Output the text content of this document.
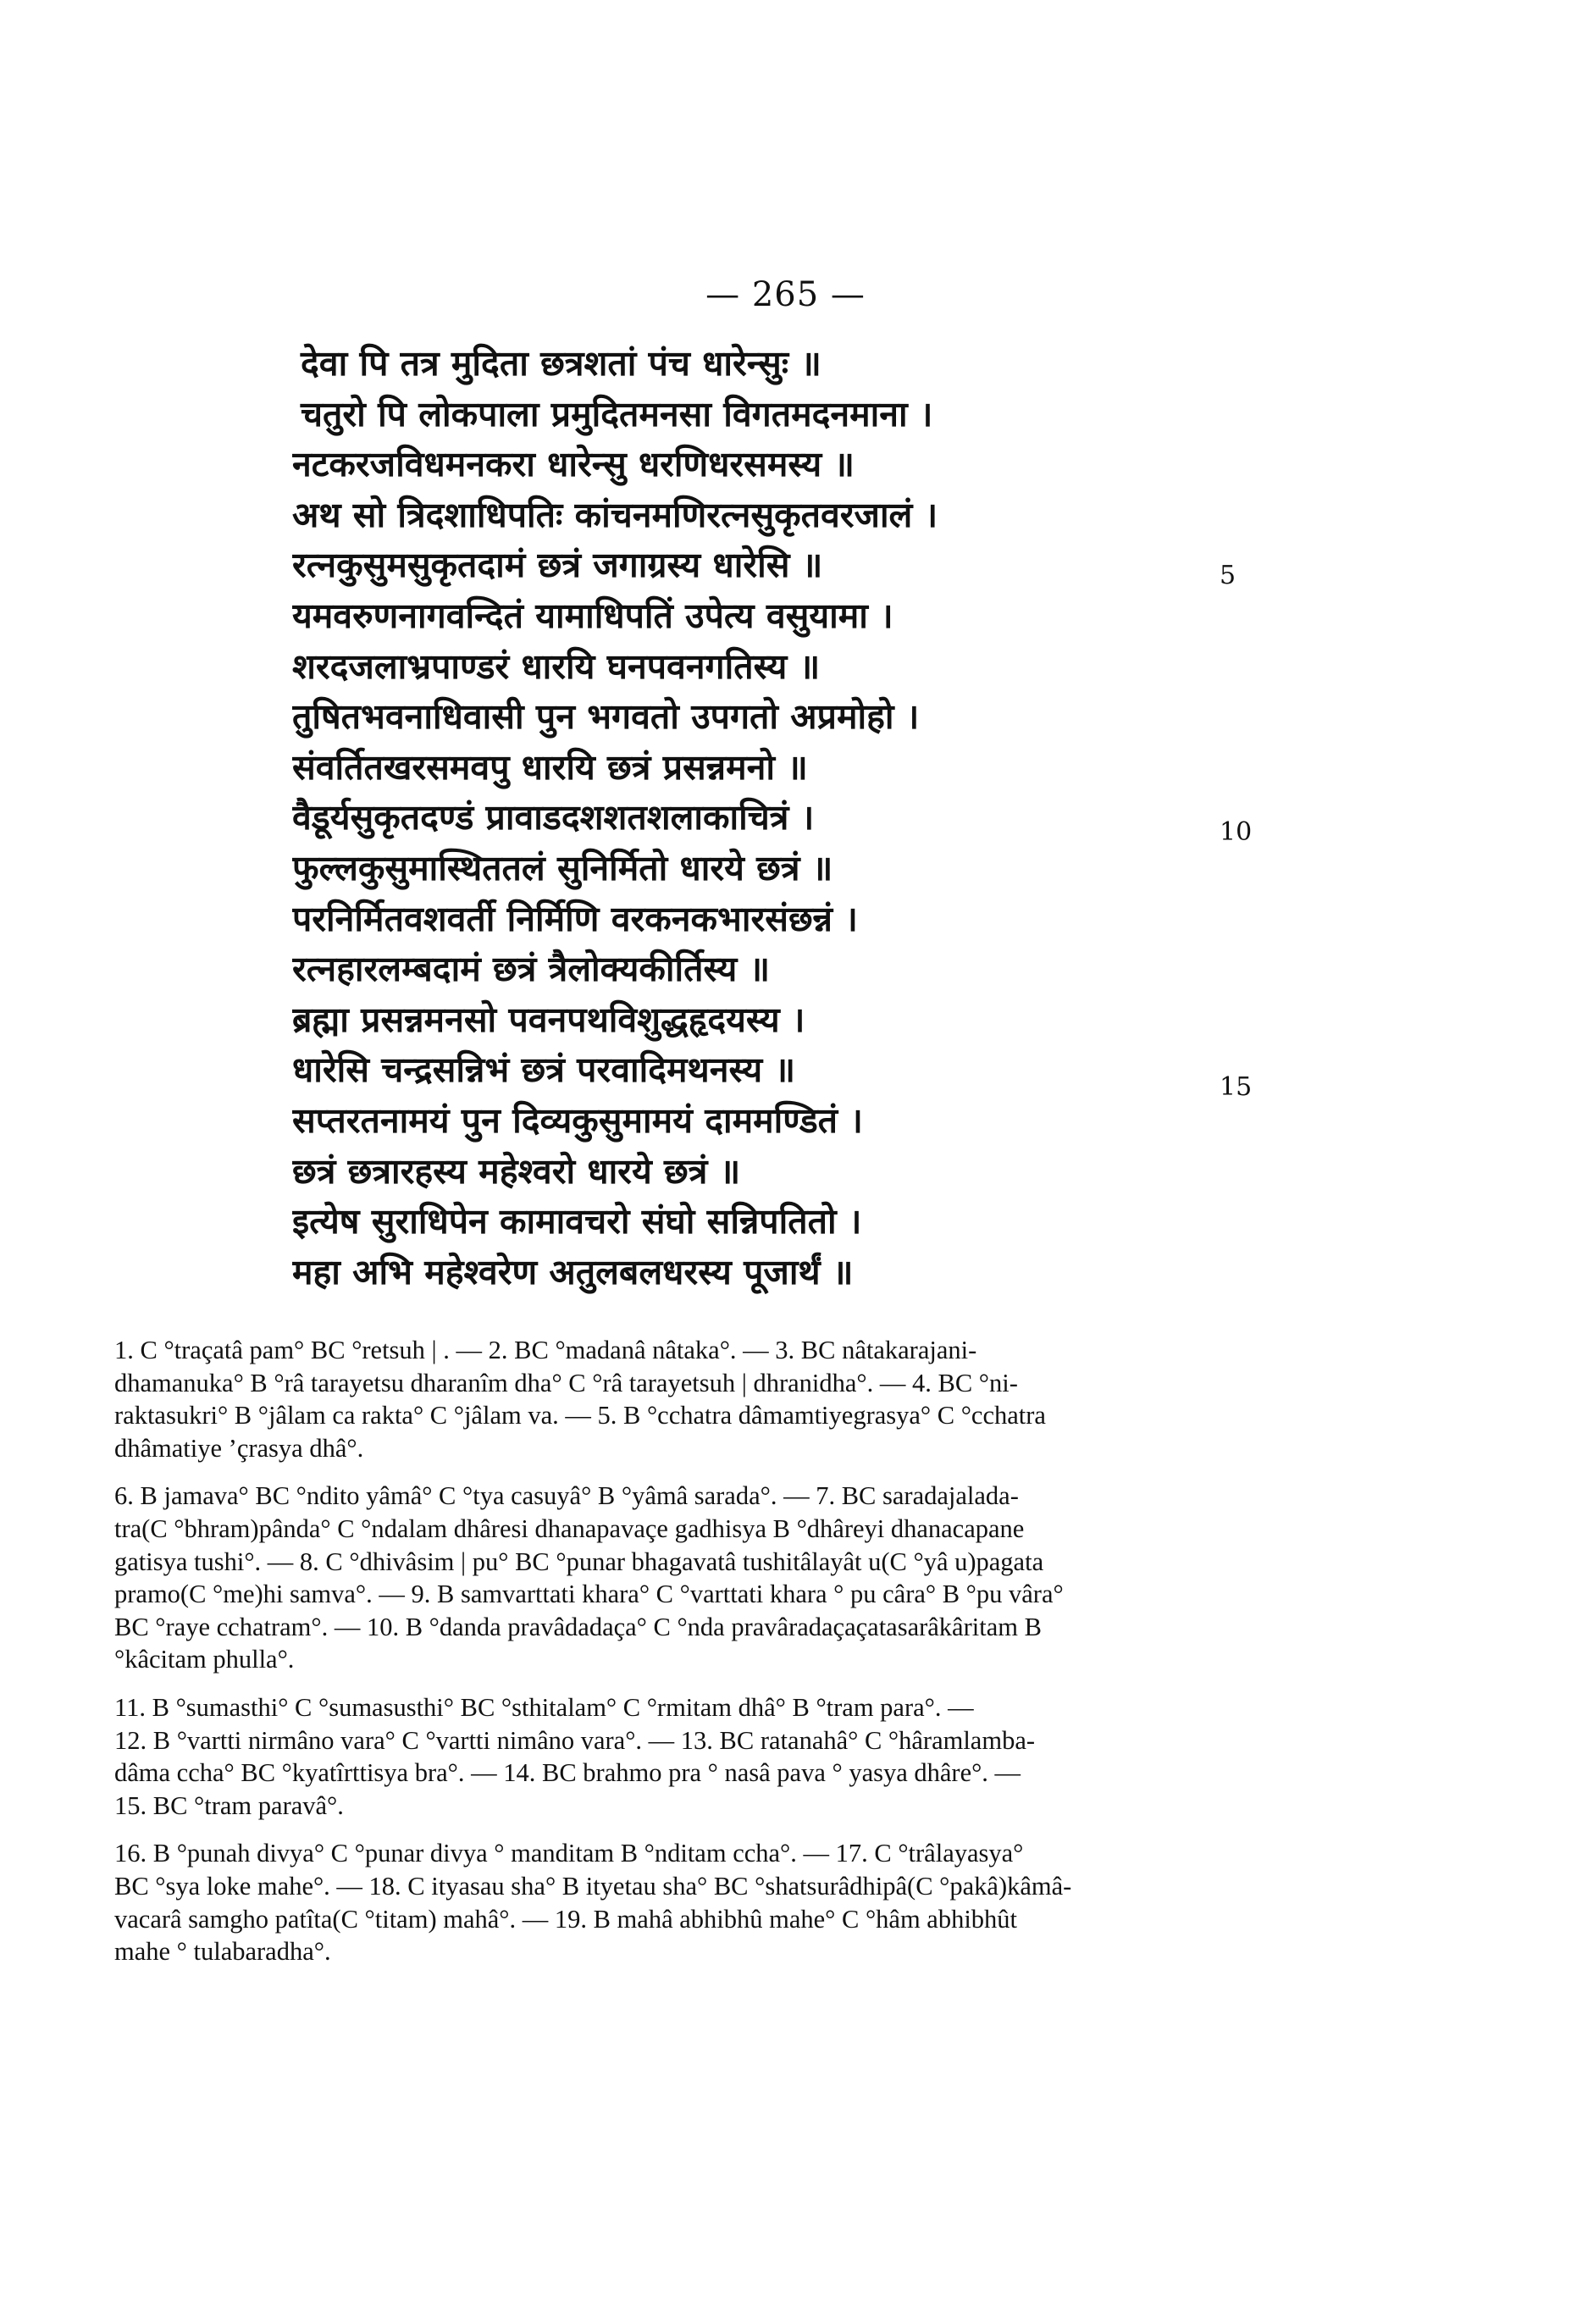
— 265 —
देवा पि तत्र मुदिता छत्रशतां पंच धारेन्सुः ॥
चतुरो पि लोकपाला प्रमुदितमनसा विगतमदनमाना ।
नटकरजविधमनकरा धारेन्सु धरणिधरसमस्य ॥
अथ सो त्रिदशाधिपतिः कांचनमणिरत्नसुकृतवरजालं ।
रत्नकुसुमसुकृतदामं छत्रं जगाग्रस्य धारेसि ॥
यमवरुणनागवन्दितं यामाधिपतिं उपेत्य वसुयामा ।
शरदजलाभ्रपाण्डरं धारयि घनपवनगतिस्य ॥
तुषितभवनाधिवासी पुन भगवतो उपगतो अप्रमोहो ।
संवर्तितखरसमवपु धारयि छत्रं प्रसन्नमनो ॥
वैडूर्यसुकृतदण्डं प्रावाडदशशतशलाकाचित्रं ।
फुल्लकुसुमास्थिततलं सुनिर्मितो धारये छत्रं ॥
परनिर्मितवशवर्ती निर्मिणि वरकनकभारसंछन्नं ।
रत्नहारलम्बदामं छत्रं त्रैलोक्यकीर्तिस्य ॥
ब्रह्मा प्रसन्नमनसो पवनपथविशुद्धहृदयस्य ।
धारेसि चन्द्रसन्निभं छत्रं परवादिमथनस्य ॥
सप्तरतनामयं पुन दिव्यकुसुमामयं दाममण्डितं ।
छत्रं छत्रारहस्य महेश्वरो धारये छत्रं ॥
इत्येष सुराधिपेन कामावचरो संघो सन्निपतितो ।
महा अभि महेश्वरेण अतुलबलधरस्य पूजार्थं ॥
5
10
15
1. C °traçatâ pam° BC °retsuh | . — 2. BC °madanâ nâtaka°. — 3. BC nâtakarajani-
dhamanuka° B °râ tarayetsu dharanîm dha° C °râ tarayetsuh | dhranidha°. — 4. BC °ni-
raktasukri° B °jâlam ca rakta° C °jâlam va. — 5. B °cchatra dâmamtiyegrasya° C °cchatra
dhâmatiye ’çrasya dhâ°.
6. B jamava° BC °ndito yâmâ° C °tya casuyâ° B °yâmâ sarada°. — 7. BC saradajalada-
tra(C °bhram)pânda° C °ndalam dhâresi dhanapavaçe gadhisya B °dhâreyi dhanacapane
gatisya tushi°. — 8. C °dhivâsim | pu° BC °punar bhagavatâ tushitâlayât u(C °yâ u)pagata
pramo(C °me)hi samva°. — 9. B samvarttati khara° C °varttati khara ° pu câra° B °pu vâra°
BC °raye cchatram°. — 10. B °danda pravâdadaça° C °nda pravâradaçaçatasarâkâritam B
°kâcitam phulla°.
11. B °sumasthi° C °sumasusthi° BC °sthitalam° C °rmitam dhâ° B °tram para°. —
12. B °vartti nirmâno vara° C °vartti nimâno vara°. — 13. BC ratanahâ° C °hâramlamba-
dâma ccha° BC °kyatîrttisya bra°. — 14. BC brahmo pra ° nasâ pava ° yasya dhâre°. —
15. BC °tram paravâ°.
16. B °punah divya° C °punar divya ° manditam B °nditam ccha°. — 17. C °trâlayasya°
BC °sya loke mahe°. — 18. C ityasau sha° B ityetau sha° BC °shatsurâdhipâ(C °pakâ)kâmâ-
vacarâ samgho patîta(C °titam) mahâ°. — 19. B mahâ abhibhû mahe° C °hâm abhibhût
mahe ° tulabaradha°.
